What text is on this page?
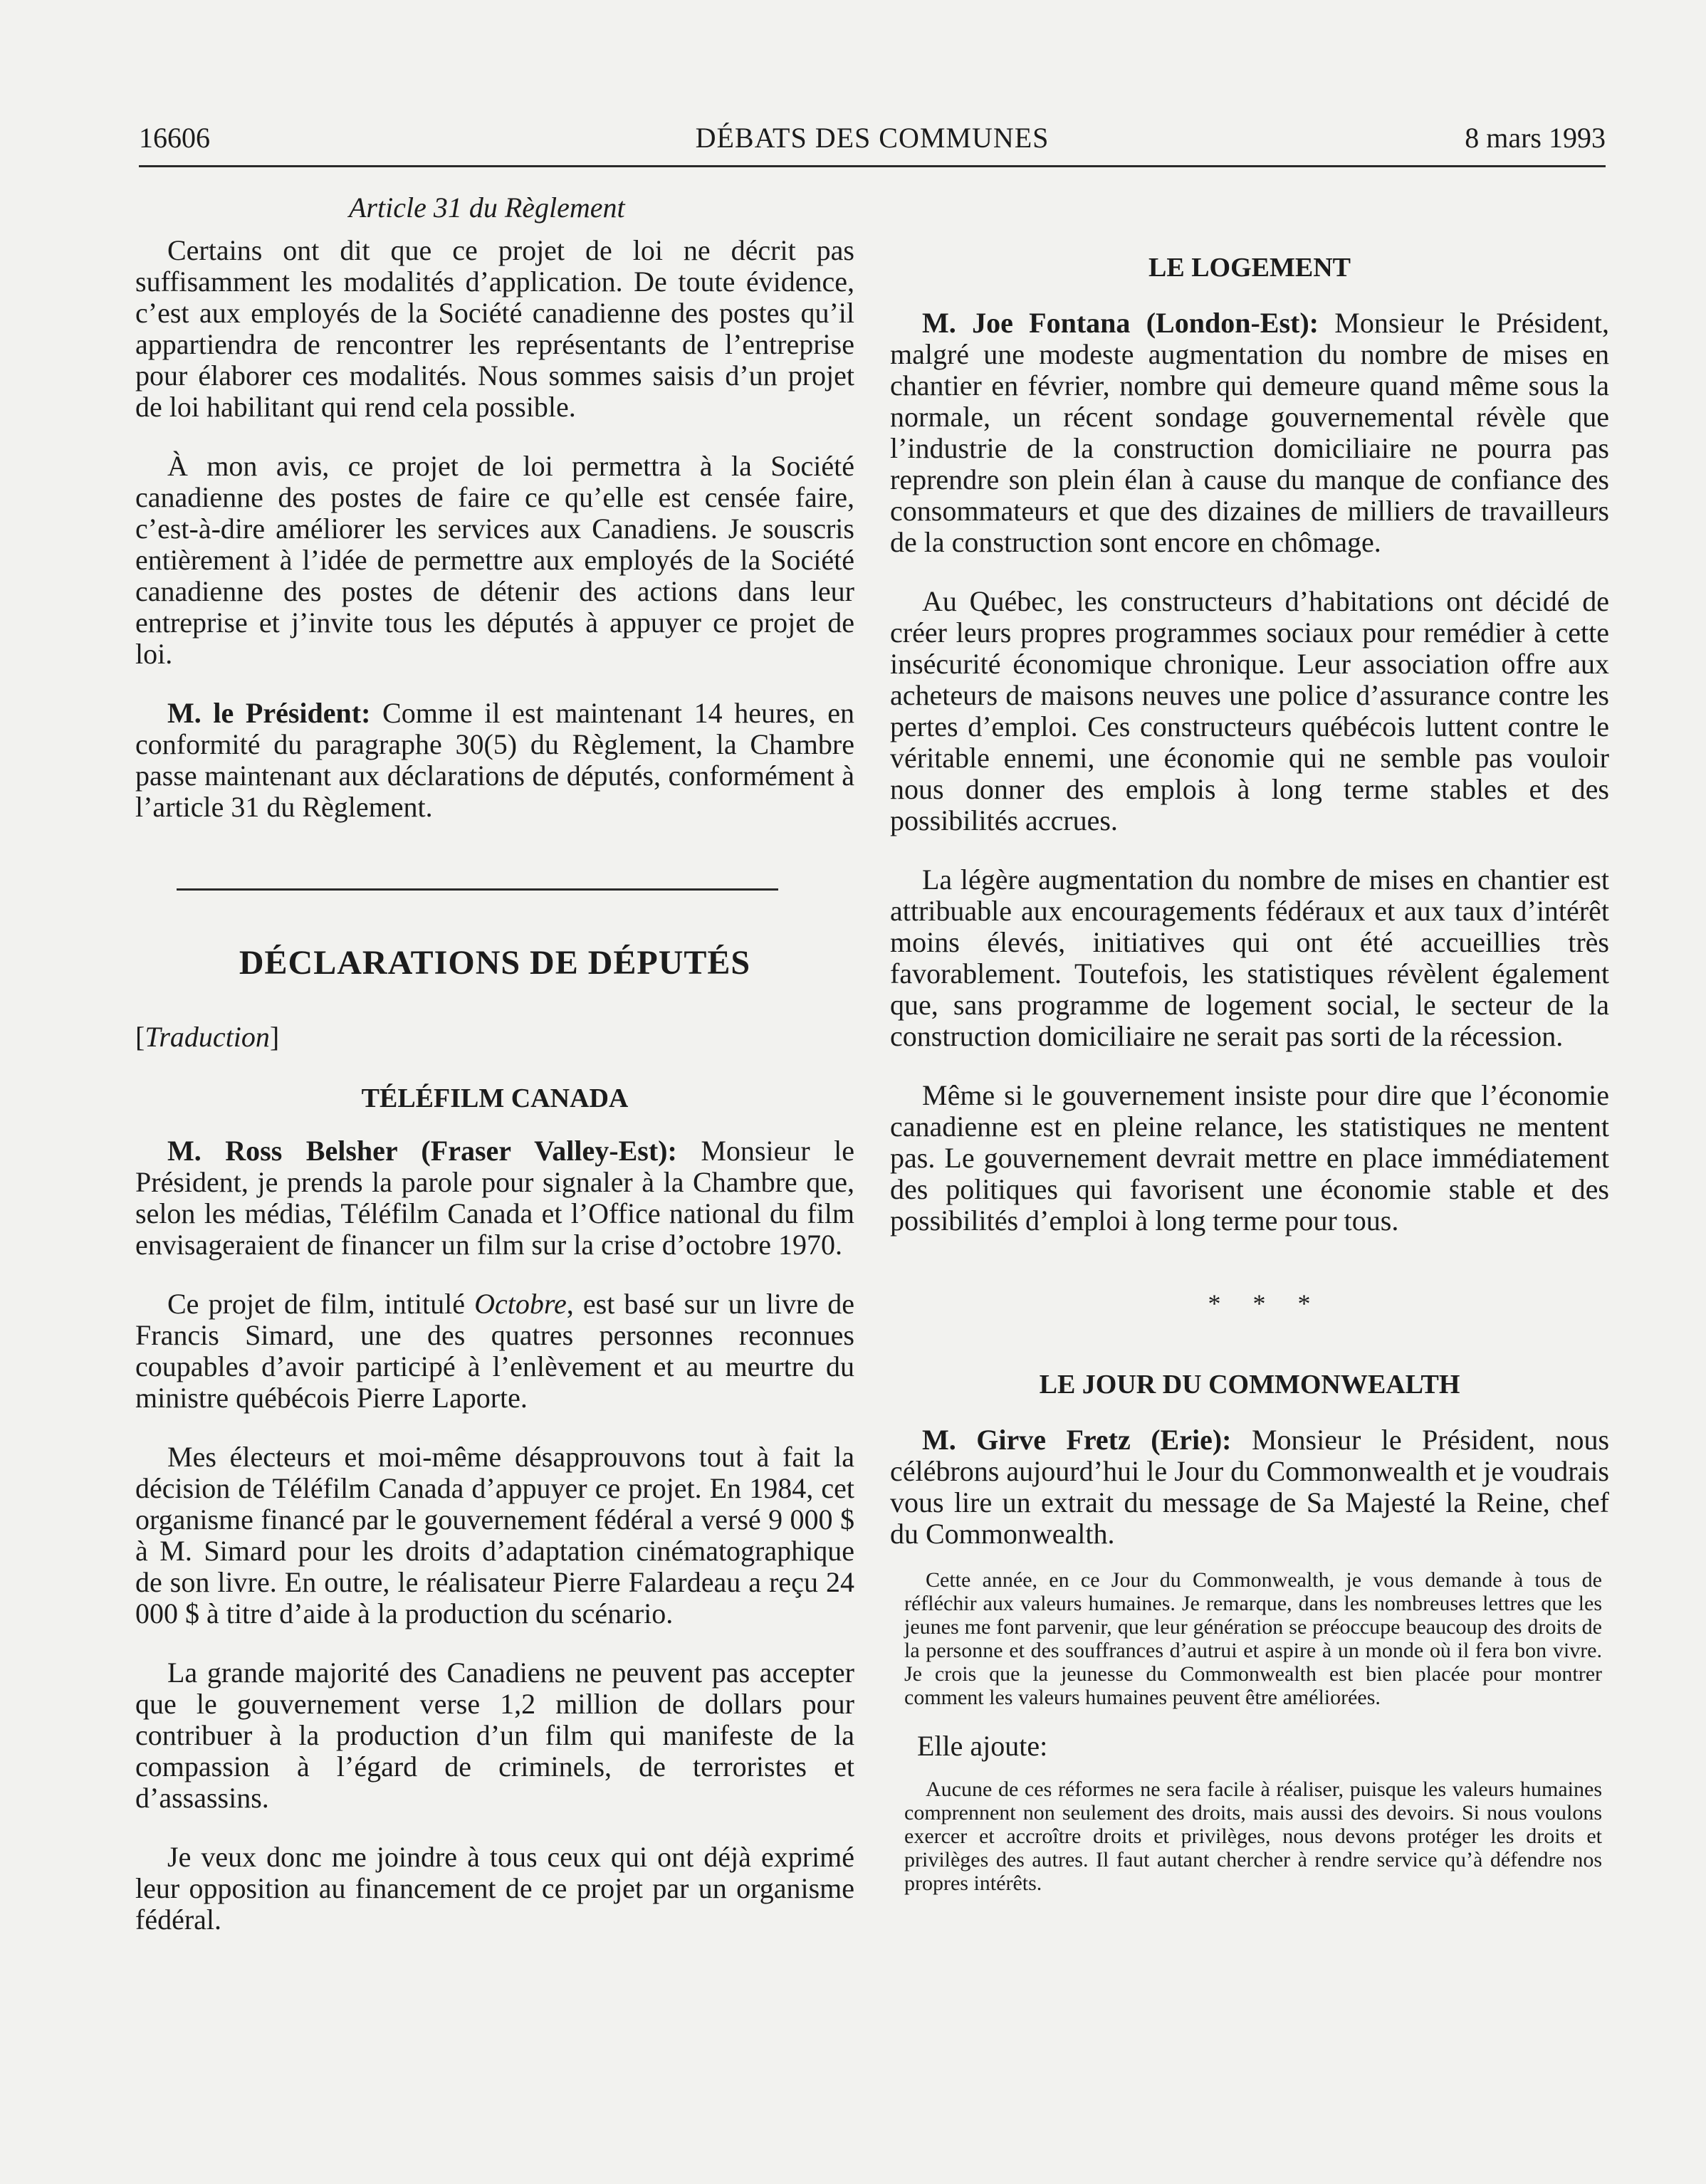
16606	DÉBATS DES COMMUNES	8 mars 1993

Article 31 du Règlement

Certains ont dit que ce projet de loi ne décrit pas suffisamment les modalités d’application. De toute évidence, c’est aux employés de la Société canadienne des postes qu’il appartiendra de rencontrer les représentants de l’entreprise pour élaborer ces modalités. Nous sommes saisis d’un projet de loi habilitant qui rend cela possible.

À mon avis, ce projet de loi permettra à la Société canadienne des postes de faire ce qu’elle est censée faire, c’est-à-dire améliorer les services aux Canadiens. Je souscris entièrement à l’idée de permettre aux employés de la Société canadienne des postes de détenir des actions dans leur entreprise et j’invite tous les députés à appuyer ce projet de loi.

M. le Président: Comme il est maintenant 14 heures, en conformité du paragraphe 30(5) du Règlement, la Chambre passe maintenant aux déclarations de députés, conformément à l’article 31 du Règlement.

DÉCLARATIONS DE DÉPUTÉS

[Traduction]

TÉLÉFILM CANADA

M. Ross Belsher (Fraser Valley-Est): Monsieur le Président, je prends la parole pour signaler à la Chambre que, selon les médias, Téléfilm Canada et l’Office national du film envisageraient de financer un film sur la crise d’octobre 1970.

Ce projet de film, intitulé Octobre, est basé sur un livre de Francis Simard, une des quatres personnes reconnues coupables d’avoir participé à l’enlèvement et au meurtre du ministre québécois Pierre Laporte.

Mes électeurs et moi-même désapprouvons tout à fait la décision de Téléfilm Canada d’appuyer ce projet. En 1984, cet organisme financé par le gouvernement fédéral a versé 9 000 $ à M. Simard pour les droits d’adaptation cinématographique de son livre. En outre, le réalisateur Pierre Falardeau a reçu 24 000 $ à titre d’aide à la production du scénario.

La grande majorité des Canadiens ne peuvent pas accepter que le gouvernement verse 1,2 million de dollars pour contribuer à la production d’un film qui manifeste de la compassion à l’égard de criminels, de terroristes et d’assassins.

Je veux donc me joindre à tous ceux qui ont déjà exprimé leur opposition au financement de ce projet par un organisme fédéral.

LE LOGEMENT

M. Joe Fontana (London-Est): Monsieur le Président, malgré une modeste augmentation du nombre de mises en chantier en février, nombre qui demeure quand même sous la normale, un récent sondage gouvernemental révèle que l’industrie de la construction domiciliaire ne pourra pas reprendre son plein élan à cause du manque de confiance des consommateurs et que des dizaines de milliers de travailleurs de la construction sont encore en chômage.

Au Québec, les constructeurs d’habitations ont décidé de créer leurs propres programmes sociaux pour remédier à cette insécurité économique chronique. Leur association offre aux acheteurs de maisons neuves une police d’assurance contre les pertes d’emploi. Ces constructeurs québécois luttent contre le véritable ennemi, une économie qui ne semble pas vouloir nous donner des emplois à long terme stables et des possibilités accrues.

La légère augmentation du nombre de mises en chantier est attribuable aux encouragements fédéraux et aux taux d’intérêt moins élevés, initiatives qui ont été accueillies très favorablement. Toutefois, les statistiques révèlent également que, sans programme de logement social, le secteur de la construction domiciliaire ne serait pas sorti de la récession.

Même si le gouvernement insiste pour dire que l’économie canadienne est en pleine relance, les statistiques ne mentent pas. Le gouvernement devrait mettre en place immédiatement des politiques qui favorisent une économie stable et des possibilités d’emploi à long terme pour tous.

* * *

LE JOUR DU COMMONWEALTH

M. Girve Fretz (Erie): Monsieur le Président, nous célébrons aujourd’hui le Jour du Commonwealth et je voudrais vous lire un extrait du message de Sa Majesté la Reine, chef du Commonwealth.

Cette année, en ce Jour du Commonwealth, je vous demande à tous de réfléchir aux valeurs humaines. Je remarque, dans les nombreuses lettres que les jeunes me font parvenir, que leur génération se préoccupe beaucoup des droits de la personne et des souffrances d’autrui et aspire à un monde où il fera bon vivre. Je crois que la jeunesse du Commonwealth est bien placée pour montrer comment les valeurs humaines peuvent être améliorées.

Elle ajoute:

Aucune de ces réformes ne sera facile à réaliser, puisque les valeurs humaines comprennent non seulement des droits, mais aussi des devoirs. Si nous voulons exercer et accroître droits et privilèges, nous devons protéger les droits et privilèges des autres. Il faut autant chercher à rendre service qu’à défendre nos propres intérêts.
